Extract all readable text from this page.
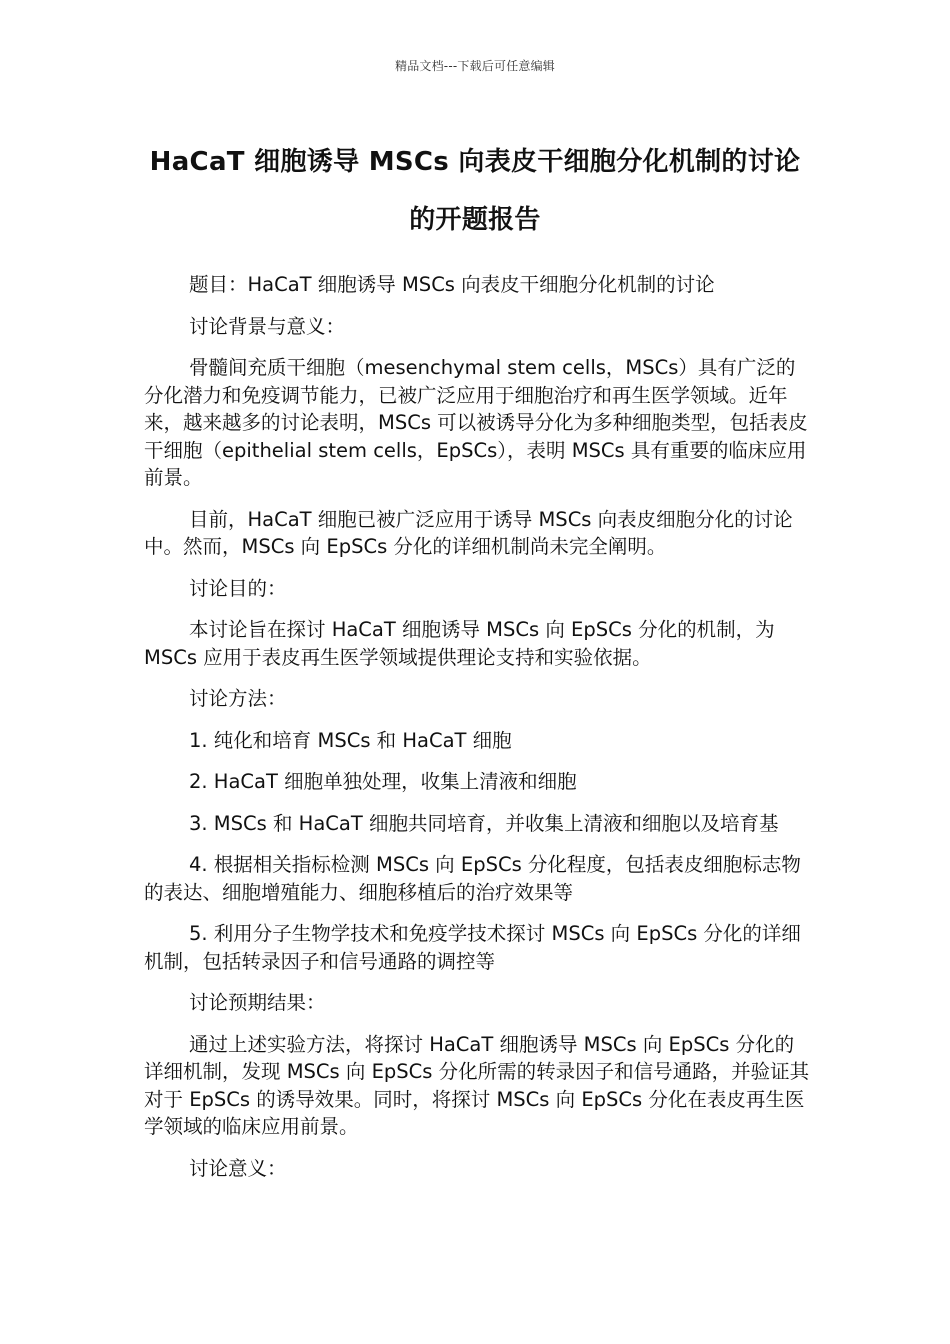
精品文档---下载后可任意编辑
HaCaT 细胞诱导 MSCs 向表皮干细胞分化机制的讨论的开题报告

题目：HaCaT 细胞诱导 MSCs 向表皮干细胞分化机制的讨论

讨论背景与意义：

骨髓间充质干细胞（mesenchymal stem cells，MSCs）具有广泛的分化潜力和免疫调节能力，已被广泛应用于细胞治疗和再生医学领域。近年来，越来越多的讨论表明，MSCs 可以被诱导分化为多种细胞类型，包括表皮干细胞（epithelial stem cells，EpSCs），表明 MSCs 具有重要的临床应用前景。

目前，HaCaT 细胞已被广泛应用于诱导 MSCs 向表皮细胞分化的讨论中。然而，MSCs 向 EpSCs 分化的详细机制尚未完全阐明。

讨论目的：

本讨论旨在探讨 HaCaT 细胞诱导 MSCs 向 EpSCs 分化的机制，为 MSCs 应用于表皮再生医学领域提供理论支持和实验依据。

讨论方法：

1. 纯化和培育 MSCs 和 HaCaT 细胞
2. HaCaT 细胞单独处理，收集上清液和细胞
3. MSCs 和 HaCaT 细胞共同培育，并收集上清液和细胞以及培育基
4. 根据相关指标检测 MSCs 向 EpSCs 分化程度，包括表皮细胞标志物的表达、细胞增殖能力、细胞移植后的治疗效果等
5. 利用分子生物学技术和免疫学技术探讨 MSCs 向 EpSCs 分化的详细机制，包括转录因子和信号通路的调控等

讨论预期结果：

通过上述实验方法，将探讨 HaCaT 细胞诱导 MSCs 向 EpSCs 分化的详细机制，发现 MSCs 向 EpSCs 分化所需的转录因子和信号通路，并验证其对于 EpSCs 的诱导效果。同时，将探讨 MSCs 向 EpSCs 分化在表皮再生医学领域的临床应用前景。

讨论意义：
